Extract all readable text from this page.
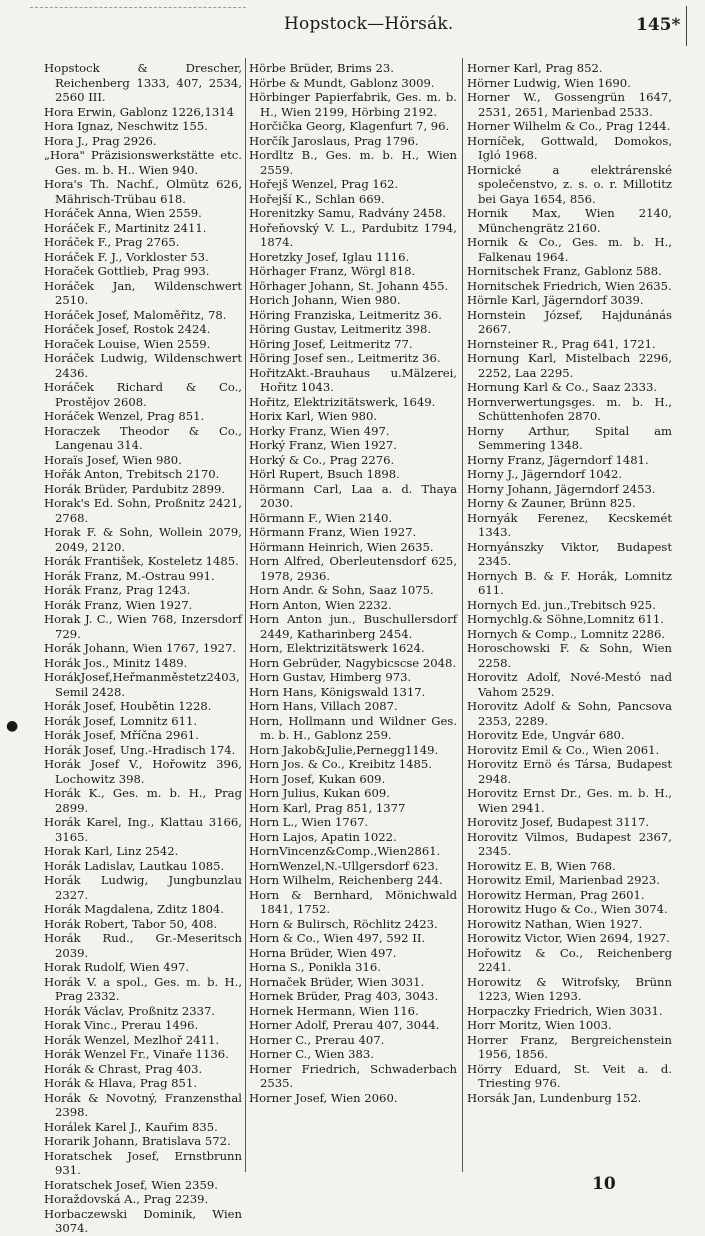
Hopstock—Hörsák.	145*
Hopstock & Drescher, Reichenberg 1333, 407, 2534, 2560 III.
Hora Erwin, Gablonz 1226,1314
Hora Ignaz, Neschwitz 155.
Hora J., Prag 2926.
„Hora" Präzisionswerkstätte etc. Ges. m. b. H.. Wien 940.
Hora's Th. Nachf., Olmütz 626, Mährisch-Trübau 618.
Horáček Anna, Wien 2559.
Horáček F., Martinitz 2411.
Horáček F., Prag 2765.
Horáček F. J., Vorkloster 53.
Horaček Gottlieb, Prag 993.
Horáček Jan, Wildenschwert 2510.
Horáček Josef, Maloměřitz, 78.
Horáček Josef, Rostok 2424.
Horaček Louise, Wien 2559.
Horáček Ludwig, Wildenschwert 2436.
Horáček Richard & Co., Prostějov 2608.
Horáček Wenzel, Prag 851.
Horaczek Theodor & Co., Langenau 314.
Horaїs Josef, Wien 980.
Hořák Anton, Trebitsch 2170.
Horák Brüder, Pardubitz 2899.
Horak's Ed. Sohn, Proßnitz 2421, 2768.
Horak F. & Sohn, Wollein 2079, 2049, 2120.
Horák František, Kosteletz 1485.
Horák Franz, M.-Ostrau 991.
Horák Franz, Prag 1243.
Horák Franz, Wien 1927.
Horak J. C., Wien 768, Inzersdorf 729.
Horák Johann, Wien 1767, 1927.
Horák Jos., Minitz 1489.
HorákJosef,Heřmanměstetz2403, Semil 2428.
Horák Josef, Houbětin 1228.
Horák Josef, Lomnitz 611.
Horák Josef, Mříčna 2961.
Horák Josef, Ung.-Hradisch 174.
Horák Josef V., Hořowitz 396, Lochowitz 398.
Horák K., Ges. m. b. H., Prag 2899.
Horák Karel, Ing., Klattau 3166, 3165.
Horak Karl, Linz 2542.
Horák Ladislav, Lautkau 1085.
Horák Ludwig, Jungbunzlau 2327.
Horák Magdalena, Zditz 1804.
Horák Robert, Tabor 50, 408.
Horák Rud., Gr.-Meseritsch 2039.
Horak Rudolf, Wien 497.
Horák V. a spol., Ges. m. b. H., Prag 2332.
Horák Václav, Proßnitz 2337.
Horak Vinc., Prerau 1496.
Horák Wenzel, Mezlhoř 2411.
Horák Wenzel Fr., Vinaře 1136.
Horák & Chrast, Prag 403.
Horák & Hlava, Prag 851.
Horák & Novotný, Franzensthal 2398.
Horálek Karel J., Kauřim 835.
Horarik Johann, Bratislava 572.
Horatschek Josef, Ernstbrunn 931.
Horatschek Josef, Wien 2359.
Horaždovská A., Prag 2239.
Horbaczewski Dominik, Wien 3074.
Hörbe Brüder, Brims 23.
Hörbe & Mundt, Gablonz 3009.
Hörbinger Papierfabrik, Ges. m. b. H., Wien 2199, Hörbing 2192.
Horčička Georg, Klagenfurt 7, 96.
Horčík Jaroslaus, Prag 1796.
Hordltz B., Ges. m. b. H., Wien 2559.
Hořejš Wenzel, Prag 162.
Hořejší K., Schlan 669.
Horenitzky Samu, Radvány 2458.
Hořeňovský V. L., Pardubitz 1794, 1874.
Horetzky Josef, Iglau 1116.
Hörhager Franz, Wörgl 818.
Hörhager Johann, St. Johann 455.
Horich Johann, Wien 980.
Höring Franziska, Leitmeritz 36.
Höring Gustav, Leitmeritz 398.
Höring Josef, Leitmeritz 77.
Höring Josef sen., Leitmeritz 36.
HořitzAkt.-Brauhaus u.Mälzerei, Hořitz 1043.
Hořitz, Elektrizitätswerk, 1649.
Horix Karl, Wien 980.
Horky Franz, Wien 497.
Horký Franz, Wien 1927.
Horký & Co., Prag 2276.
Hörl Rupert, Bsuch 1898.
Hörmann Carl, Laa a. d. Thaya 2030.
Hörmann F., Wien 2140.
Hörmann Franz, Wien 1927.
Hörmann Heinrich, Wien 2635.
Horn Alfred, Oberleutensdorf 625, 1978, 2936.
Horn Andr. & Sohn, Saaz 1075.
Horn Anton, Wien 2232.
Horn Anton jun., Buschullersdorf 2449, Katharinberg 2454.
Horn, Elektrizitätswerk 1624.
Horn Gebrüder, Nagybicscse 2048.
Horn Gustav, Himberg 973.
Horn Hans, Königswald 1317.
Horn Hans, Villach 2087.
Horn, Hollmann und Wildner Ges. m. b. H., Gablonz 259.
Horn Jakob&Julie,Pernegg1149.
Horn Jos. & Co., Kreibitz 1485.
Horn Josef, Kukan 609.
Horn Julius, Kukan 609.
Horn Karl, Prag 851, 1377
Horn L., Wien 1767.
Horn Lajos, Apatin 1022.
HornVincenz&Comp.,Wien2861.
HornWenzel,N.-Ullgersdorf 623.
Horn Wilhelm, Reichenberg 244.
Horn & Bernhard, Mönichwald 1841, 1752.
Horn & Bulirsch, Röchlitz 2423.
Horn & Co., Wien 497, 592 II.
Horna Brüder, Wien 497.
Horna S., Ponikla 316.
Hornaček Brüder, Wien 3031.
Hornek Brüder, Prag 403, 3043.
Hornek Hermann, Wien 116.
Horner Adolf, Prerau 407, 3044.
Horner C., Prerau 407.
Horner C., Wien 383.
Horner Friedrich, Schwaderbach 2535.
Horner Josef, Wien 2060.
Horner Karl, Prag 852.
Hörner Ludwig, Wien 1690.
Horner W., Gossengrün 1647, 2531, 2651, Marienbad 2533.
Horner Wilhelm & Co., Prag 1244.
Horníček, Gottwald, Domokos, Igló 1968.
Hornické a elektrárenské společenstvo, z. s. o. r. Millotitz bei Gaya 1654, 856.
Hornik Max, Wien 2140, Münchengrätz 2160.
Hornik & Co., Ges. m. b. H., Falkenau 1964.
Hornitschek Franz, Gablonz 588.
Hornitschek Friedrich, Wien 2635.
Hörnle Karl, Jägerndorf 3039.
Hornstein József, Hajdunánás 2667.
Hornsteiner R., Prag 641, 1721.
Hornung Karl, Mistelbach 2296, 2252, Laa 2295.
Hornung Karl & Co., Saaz 2333.
Hornverwertungsges. m. b. H., Schüttenhofen 2870.
Horny Arthur, Spital am Semmering 1348.
Horny Franz, Jägerndorf 1481.
Horny J., Jägerndorf 1042.
Horny Johann, Jägerndorf 2453.
Horny & Zauner, Brünn 825.
Hornyák Ferenez, Kecskemét 1343.
Hornyánszky Viktor, Budapest 2345.
Hornych B. & F. Horák, Lomnitz 611.
Hornych Ed. jun.,Trebitsch 925.
Hornychlg.& Söhne,Lomnitz 611.
Hornych & Comp., Lomnitz 2286.
Horoschowski F. & Sohn, Wien 2258.
Horovitz Adolf, Nové-Mestó nad Vahom 2529.
Horovitz Adolf & Sohn, Pancsova 2353, 2289.
Horovitz Ede, Ungvár 680.
Horovitz Emil & Co., Wien 2061.
Horovitz Ernö és Társa, Budapest 2948.
Horovitz Ernst Dr., Ges. m. b. H., Wien 2941.
Horovitz Josef, Budapest 3117.
Horovitz Vilmos, Budapest 2367, 2345.
Horowitz E. B, Wien 768.
Horowitz Emil, Marienbad 2923.
Horowitz Herman, Prag 2601.
Horowitz Hugo & Co., Wien 3074.
Horowitz Nathan, Wien 1927.
Horowitz Victor, Wien 2694, 1927.
Hořowitz & Co., Reichenberg 2241.
Horowitz & Witrofsky, Brünn 1223, Wien 1293.
Horpaczky Friedrich, Wien 3031.
Horr Moritz, Wien 1003.
Horrer Franz, Bergreichenstein 1956, 1856.
Hörry Eduard, St. Veit a. d. Triesting 976.
Horsák Jan, Lundenburg 152.
●
10
